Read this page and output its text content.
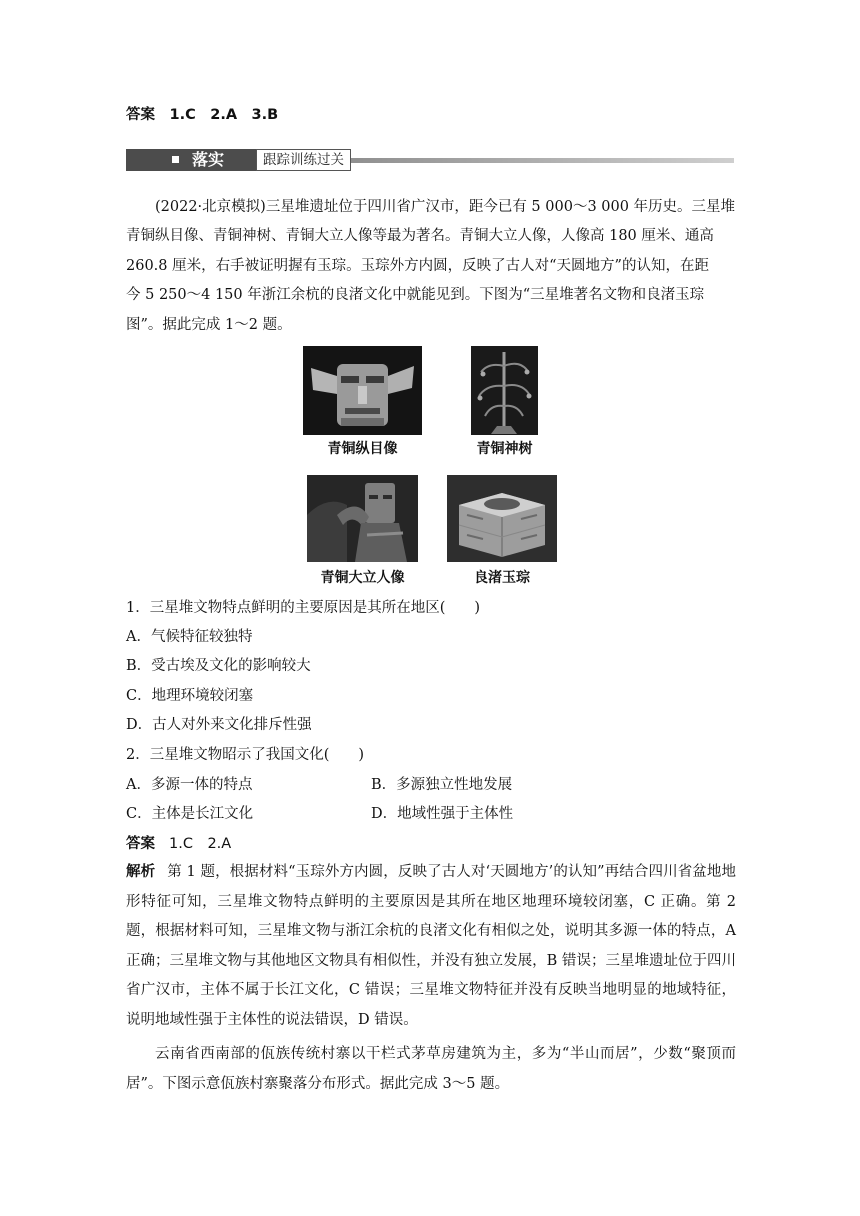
答案　1.C　2.A　3.B
落实	跟踪训练过关
(2022·北京模拟)三星堆遗址位于四川省广汉市，距今已有 5 000～3 000 年历史。三星堆
青铜纵目像、青铜神树、青铜大立人像等最为著名。青铜大立人像，人像高 180 厘米、通高
260.8 厘米，右手被证明握有玉琮。玉琮外方内圆，反映了古人对“天圆地方”的认知，在距
今 5 250～4 150 年浙江余杭的良渚文化中就能见到。下图为“三星堆著名文物和良渚玉琮
图”。据此完成 1～2 题。
青铜纵目像	青铜神树
青铜大立人像	良渚玉琮
1．三星堆文物特点鲜明的主要原因是其所在地区(　　)
A．气候特征较独特
B．受古埃及文化的影响较大
C．地理环境较闭塞
D．古人对外来文化排斥性强
2．三星堆文物昭示了我国文化(　　)
A．多源一体的特点	B．多源独立性地发展
C．主体是长江文化	D．地域性强于主体性
答案 1.C　2.A
解析 第 1 题，根据材料“玉琮外方内圆，反映了古人对‘天圆地方’的认知”再结合四川省盆地地形特征可知，三星堆文物特点鲜明的主要原因是其所在地区地理环境较闭塞，C 正确。第 2 题，根据材料可知，三星堆文物与浙江余杭的良渚文化有相似之处，说明其多源一体的特点，A 正确；三星堆文物与其他地区文物具有相似性，并没有独立发展，B 错误；三星堆遗址位于四川省广汉市，主体不属于长江文化，C 错误；三星堆文物特征并没有反映当地明显的地域特征，说明地域性强于主体性的说法错误，D 错误。
云南省西南部的佤族传统村寨以干栏式茅草房建筑为主，多为“半山而居”，少数“聚顶而居”。下图示意佤族村寨聚落分布形式。据此完成 3～5 题。
